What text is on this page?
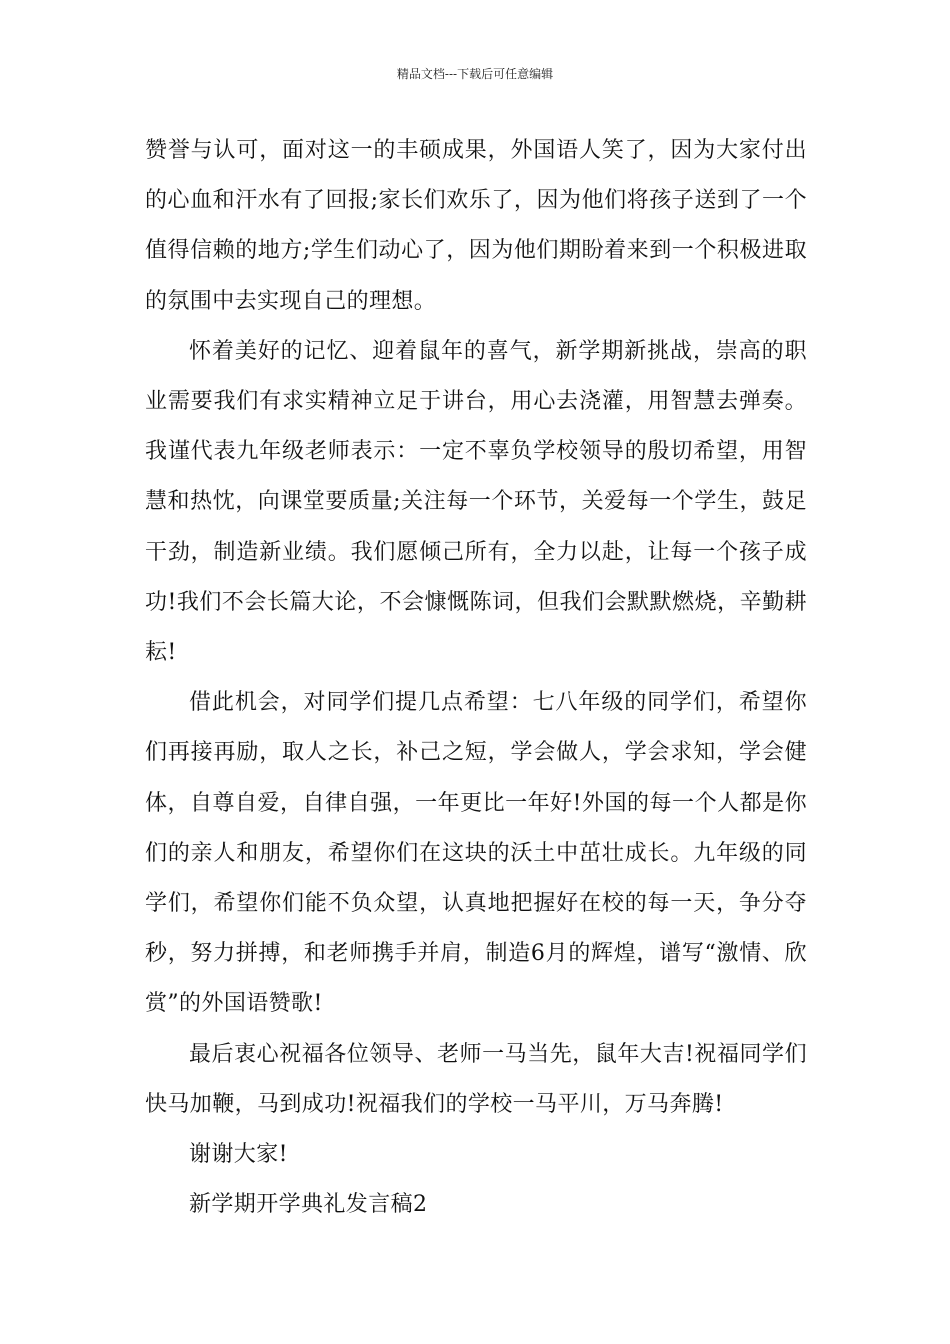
精品文档---下载后可任意编辑

赞誉与认可，面对这一的丰硕成果，外国语人笑了，因为大家付出的心血和汗水有了回报;家长们欢乐了，因为他们将孩子送到了一个值得信赖的地方;学生们动心了，因为他们期盼着来到一个积极进取的氛围中去实现自己的理想。

怀着美好的记忆、迎着鼠年的喜气，新学期新挑战，崇高的职业需要我们有求实精神立足于讲台，用心去浇灌，用智慧去弹奏。我谨代表九年级老师表示：一定不辜负学校领导的殷切希望，用智慧和热忱，向课堂要质量;关注每一个环节，关爱每一个学生，鼓足干劲，制造新业绩。我们愿倾己所有，全力以赴，让每一个孩子成功!我们不会长篇大论，不会慷慨陈词，但我们会默默燃烧，辛勤耕耘!

借此机会，对同学们提几点希望：七八年级的同学们，希望你们再接再励，取人之长，补己之短，学会做人，学会求知，学会健体，自尊自爱，自律自强，一年更比一年好!外国的每一个人都是你们的亲人和朋友，希望你们在这块的沃土中茁壮成长。九年级的同学们，希望你们能不负众望，认真地把握好在校的每一天，争分夺秒，努力拼搏，和老师携手并肩，制造6月的辉煌，谱写“激情、欣赏”的外国语赞歌!

最后衷心祝福各位领导、老师一马当先，鼠年大吉!祝福同学们快马加鞭，马到成功!祝福我们的学校一马平川，万马奔腾!

谢谢大家!

新学期开学典礼发言稿2
